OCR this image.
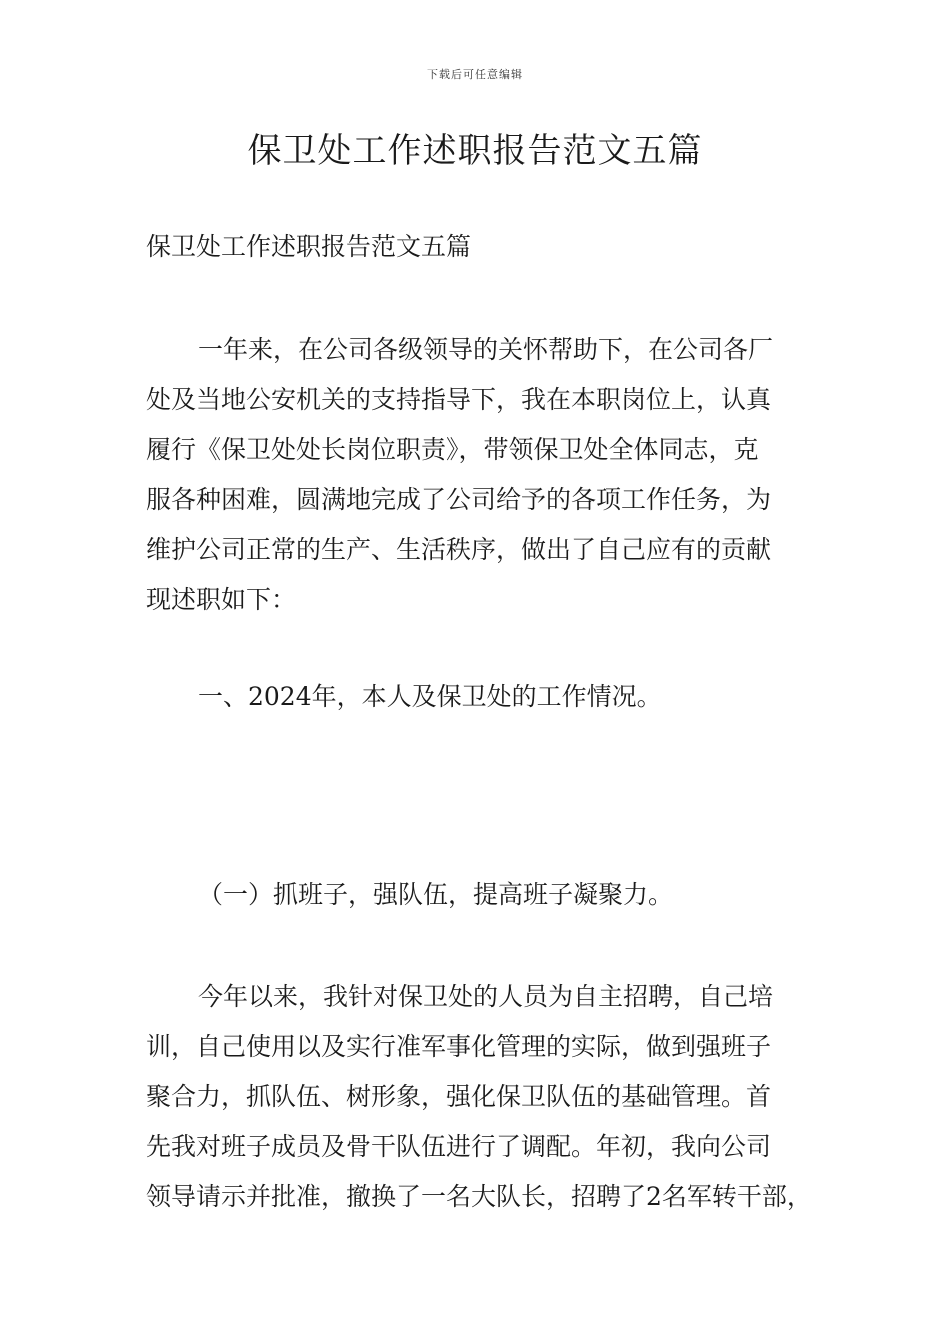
下载后可任意编辑
保卫处工作述职报告范文五篇

保卫处工作述职报告范文五篇

一年来，在公司各级领导的关怀帮助下，在公司各厂
处及当地公安机关的支持指导下，我在本职岗位上，认真
履行《保卫处处长岗位职责》，带领保卫处全体同志，克
服各种困难，圆满地完成了公司给予的各项工作任务，为
维护公司正常的生产、生活秩序，做出了自己应有的贡献
现述职如下：

一、2024年，本人及保卫处的工作情况。

（一）抓班子，强队伍，提高班子凝聚力。

今年以来，我针对保卫处的人员为自主招聘，自己培
训，自己使用以及实行准军事化管理的实际，做到强班子
聚合力，抓队伍、树形象，强化保卫队伍的基础管理。首
先我对班子成员及骨干队伍进行了调配。年初，我向公司
领导请示并批准，撤换了一名大队长，招聘了2名军转干部，
